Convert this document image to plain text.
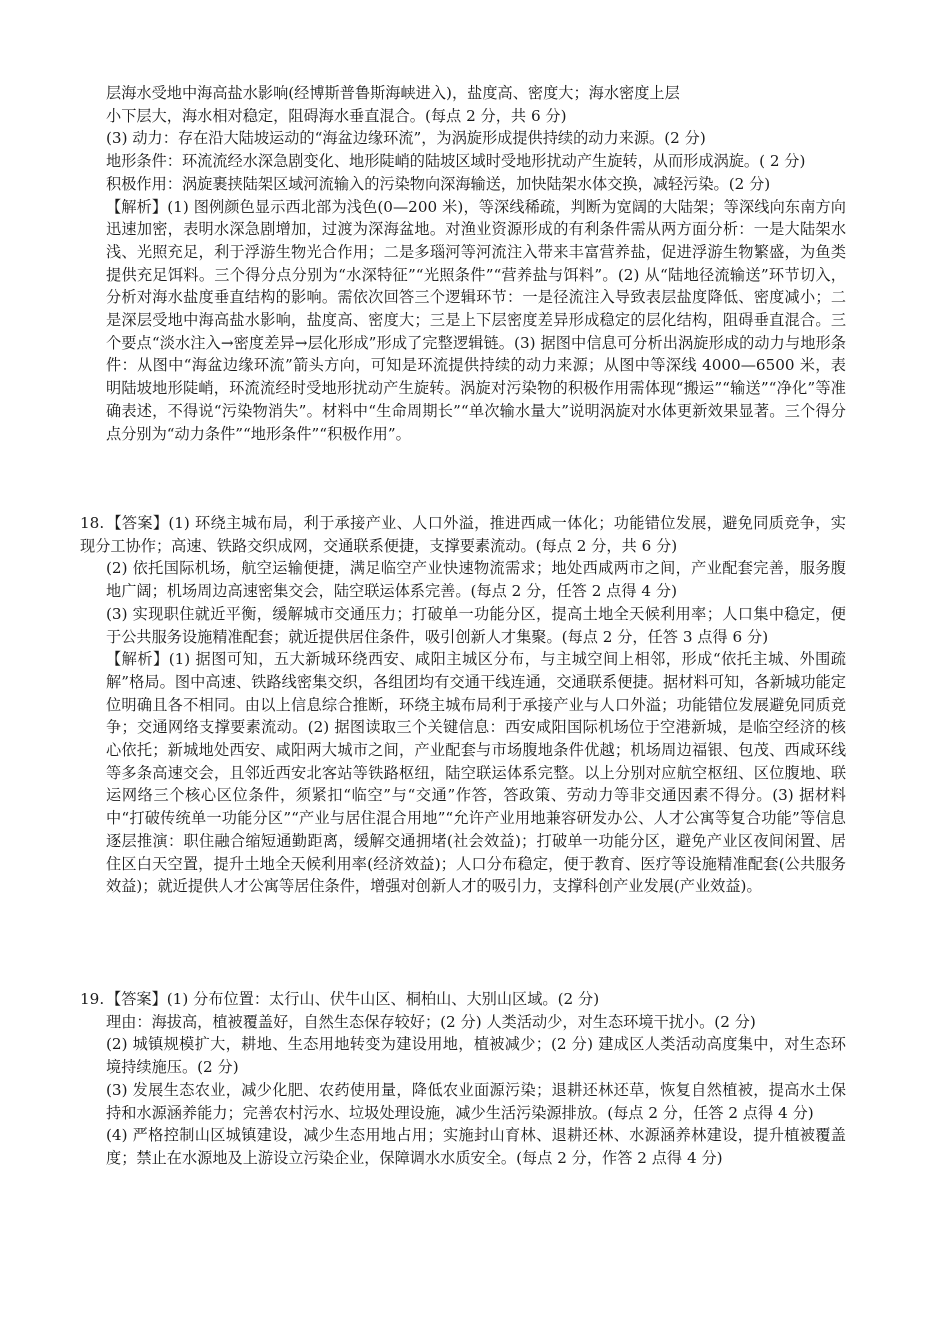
层海水受地中海高盐水影响(经博斯普鲁斯海峡进入)，盐度高、密度大；海水密度上层

小下层大，海水相对稳定，阻碍海水垂直混合。(每点 2 分，共 6 分)

(3) 动力：存在沿大陆坡运动的“海盆边缘环流”，为涡旋形成提供持续的动力来源。(2 分)

地形条件：环流流经水深急剧变化、地形陡峭的陆坡区域时受地形扰动产生旋转，从而形成涡旋。( 2 分)

积极作用：涡旋裹挟陆架区域河流输入的污染物向深海输送，加快陆架水体交换，减轻污染。(2 分)

【解析】(1) 图例颜色显示西北部为浅色(0—200 米)，等深线稀疏，判断为宽阔的大陆架；等深线向东南方向迅速加密，表明水深急剧增加，过渡为深海盆地。对渔业资源形成的有利条件需从两方面分析：一是大陆架水浅、光照充足，利于浮游生物光合作用；二是多瑙河等河流注入带来丰富营养盐，促进浮游生物繁盛，为鱼类提供充足饵料。三个得分点分别为“水深特征”“光照条件”“营养盐与饵料”。(2) 从“陆地径流输送”环节切入，分析对海水盐度垂直结构的影响。需依次回答三个逻辑环节：一是径流注入导致表层盐度降低、密度减小；二是深层受地中海高盐水影响，盐度高、密度大；三是上下层密度差异形成稳定的层化结构，阻碍垂直混合。三个要点“淡水注入→密度差异→层化形成”形成了完整逻辑链。(3) 据图中信息可分析出涡旋形成的动力与地形条件：从图中“海盆边缘环流”箭头方向，可知是环流提供持续的动力来源；从图中等深线 4000—6500 米，表明陆坡地形陡峭，环流流经时受地形扰动产生旋转。涡旋对污染物的积极作用需体现“搬运”“输送”“净化”等准确表述，不得说“污染物消失”。材料中“生命周期长”“单次输水量大”说明涡旋对水体更新效果显著。三个得分点分别为“动力条件”“地形条件”“积极作用”。

18. 【答案】(1) 环绕主城布局，利于承接产业、人口外溢，推进西咸一体化；功能错位发展，避免同质竞争，实现分工协作；高速、铁路交织成网，交通联系便捷，支撑要素流动。(每点 2 分，共 6 分)

(2) 依托国际机场，航空运输便捷，满足临空产业快速物流需求；地处西咸两市之间，产业配套完善，服务腹地广阔；机场周边高速密集交会，陆空联运体系完善。(每点 2 分，任答 2 点得 4 分)

(3) 实现职住就近平衡，缓解城市交通压力；打破单一功能分区，提高土地全天候利用率；人口集中稳定，便于公共服务设施精准配套；就近提供居住条件，吸引创新人才集聚。(每点 2 分，任答 3 点得 6 分)

【解析】(1) 据图可知，五大新城环绕西安、咸阳主城区分布，与主城空间上相邻，形成“依托主城、外围疏解”格局。图中高速、铁路线密集交织，各组团均有交通干线连通，交通联系便捷。据材料可知，各新城功能定位明确且各不相同。由以上信息综合推断，环绕主城布局利于承接产业与人口外溢；功能错位发展避免同质竞争；交通网络支撑要素流动。(2) 据图读取三个关键信息：西安咸阳国际机场位于空港新城，是临空经济的核心依托；新城地处西安、咸阳两大城市之间，产业配套与市场腹地条件优越；机场周边福银、包茂、西咸环线等多条高速交会，且邻近西安北客站等铁路枢纽，陆空联运体系完整。以上分别对应航空枢纽、区位腹地、联运网络三个核心区位条件，须紧扣“临空”与“交通”作答，答政策、劳动力等非交通因素不得分。(3) 据材料中“打破传统单一功能分区”“产业与居住混合用地”“允许产业用地兼容研发办公、人才公寓等复合功能”等信息逐层推演：职住融合缩短通勤距离，缓解交通拥堵(社会效益)；打破单一功能分区，避免产业区夜间闲置、居住区白天空置，提升土地全天候利用率(经济效益)；人口分布稳定，便于教育、医疗等设施精准配套(公共服务效益)；就近提供人才公寓等居住条件，增强对创新人才的吸引力，支撑科创产业发展(产业效益)。

19. 【答案】(1) 分布位置：太行山、伏牛山区、桐柏山、大别山区域。(2 分)

理由：海拔高，植被覆盖好，自然生态保存较好；(2 分) 人类活动少，对生态环境干扰小。(2 分)

(2) 城镇规模扩大，耕地、生态用地转变为建设用地，植被减少；(2 分) 建成区人类活动高度集中，对生态环境持续施压。(2 分)

(3) 发展生态农业，减少化肥、农药使用量，降低农业面源污染；退耕还林还草，恢复自然植被，提高水土保持和水源涵养能力；完善农村污水、垃圾处理设施，减少生活污染源排放。(每点 2 分，任答 2 点得 4 分)

(4) 严格控制山区城镇建设，减少生态用地占用；实施封山育林、退耕还林、水源涵养林建设，提升植被覆盖度；禁止在水源地及上游设立污染企业，保障调水水质安全。(每点 2 分，作答 2 点得 4 分)
